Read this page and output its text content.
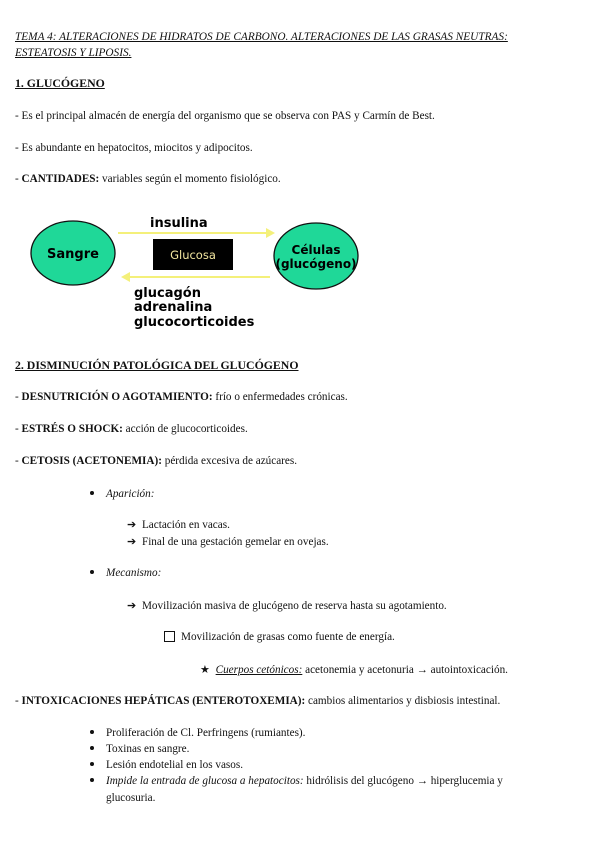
TEMA 4: ALTERACIONES DE HIDRATOS DE CARBONO. ALTERACIONES DE LAS GRASAS NEUTRAS:
ESTEATOSIS Y LIPOSIS.
1. GLUCÓGENO
- Es el principal almacén de energía del organismo que se observa con PAS y Carmín de Best.
- Es abundante en hepatocitos, miocitos y adipocitos.
- CANTIDADES: variables según el momento fisiológico.
Sangre	Células
(glucógeno)
Glucosa
insulina
glucagón
adrenalina
glucocorticoides
2. DISMINUCIÓN PATOLÓGICA DEL GLUCÓGENO
- DESNUTRICIÓN O AGOTAMIENTO: frío o enfermedades crónicas.
- ESTRÉS O SHOCK: acción de glucocorticoides.
- CETOSIS (ACETONEMIA): pérdida excesiva de azúcares.
Aparición:
➔ Lactación en vacas.
➔ Final de una gestación gemelar en ovejas.
Mecanismo:
➔ Movilización masiva de glucógeno de reserva hasta su agotamiento.
Movilización de grasas como fuente de energía.
★ Cuerpos cetónicos: acetonemia y acetonuria → autointoxicación.
- INTOXICACIONES HEPÁTICAS (ENTEROTOXEMIA): cambios alimentarios y disbiosis intestinal.
Proliferación de Cl. Perfringens (rumiantes).
Toxinas en sangre.
Lesión endotelial en los vasos.
Impide la entrada de glucosa a hepatocitos: hidrólisis del glucógeno → hiperglucemia y
glucosuria.
